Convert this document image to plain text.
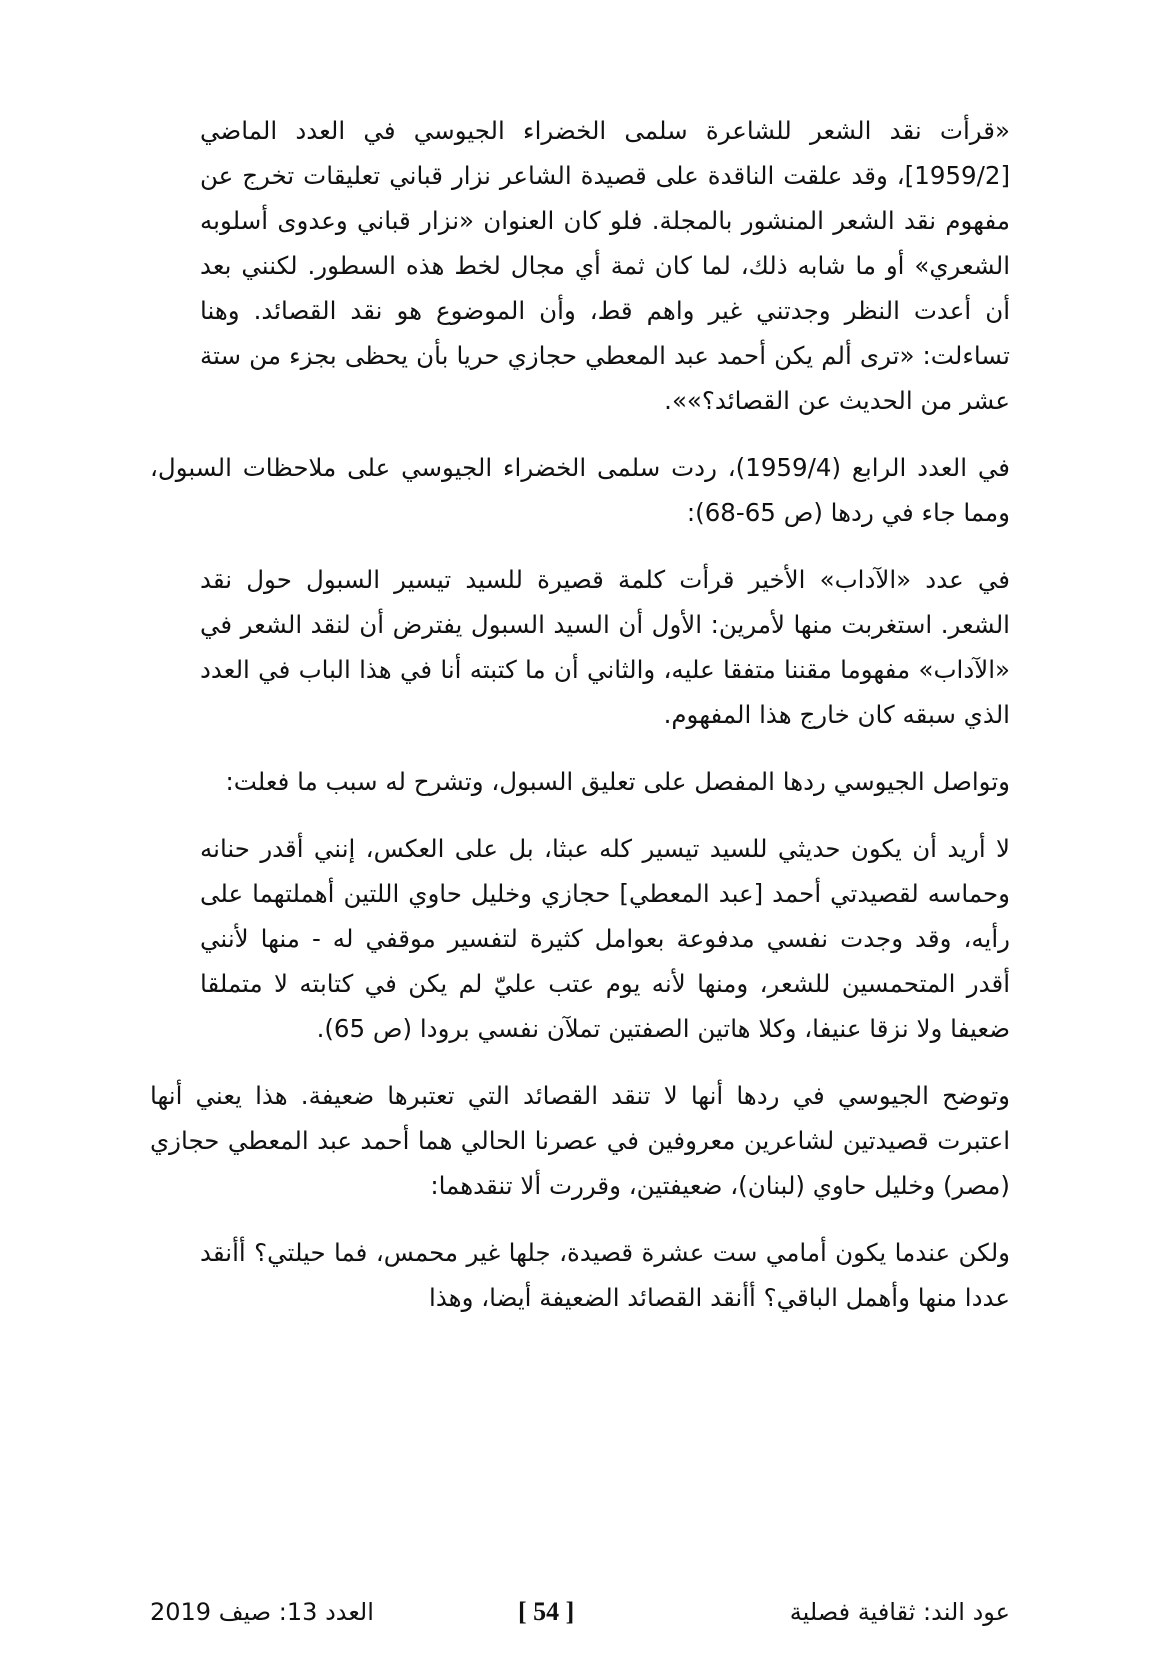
«قرأت نقد الشعر للشاعرة سلمى الخضراء الجيوسي في العدد الماضي [1959/2]، وقد علقت الناقدة على قصيدة الشاعر نزار قباني تعليقات تخرج عن مفهوم نقد الشعر المنشور بالمجلة. فلو كان العنوان «نزار قباني وعدوى أسلوبه الشعري» أو ما شابه ذلك، لما كان ثمة أي مجال لخط هذه السطور. لكنني بعد أن أعدت النظر وجدتني غير واهم قط، وأن الموضوع هو نقد القصائد. وهنا تساءلت: «ترى ألم يكن أحمد عبد المعطي حجازي حريا بأن يحظى بجزء من ستة عشر من الحديث عن القصائد؟»».

في العدد الرابع (1959/4)، ردت سلمى الخضراء الجيوسي على ملاحظات السبول، ومما جاء في ردها (ص 65-68):

في عدد «الآداب» الأخير قرأت كلمة قصيرة للسيد تيسير السبول حول نقد الشعر. استغربت منها لأمرين: الأول أن السيد السبول يفترض أن لنقد الشعر في «الآداب» مفهوما مقننا متفقا عليه، والثاني أن ما كتبته أنا في هذا الباب في العدد الذي سبقه كان خارج هذا المفهوم.

وتواصل الجيوسي ردها المفصل على تعليق السبول، وتشرح له سبب ما فعلت:

لا أريد أن يكون حديثي للسيد تيسير كله عبثا، بل على العكس، إنني أقدر حنانه وحماسه لقصيدتي أحمد [عبد المعطي] حجازي وخليل حاوي اللتين أهملتهما على رأيه، وقد وجدت نفسي مدفوعة بعوامل كثيرة لتفسير موقفي له - منها لأنني أقدر المتحمسين للشعر، ومنها لأنه يوم عتب عليّ لم يكن في كتابته لا متملقا ضعيفا ولا نزقا عنيفا، وكلا هاتين الصفتين تملآن نفسي برودا (ص 65).

وتوضح الجيوسي في ردها أنها لا تنقد القصائد التي تعتبرها ضعيفة. هذا يعني أنها اعتبرت قصيدتين لشاعرين معروفين في عصرنا الحالي هما أحمد عبد المعطي حجازي (مصر) وخليل حاوي (لبنان)، ضعيفتين، وقررت ألا تنقدهما:

ولكن عندما يكون أمامي ست عشرة قصيدة، جلها غير محمس، فما حيلتي؟ أأنقد عددا منها وأهمل الباقي؟ أأنقد القصائد الضعيفة أيضا، وهذا

عود الند: ثقافية فصلية
[ 54 ]
العدد 13: صيف 2019
